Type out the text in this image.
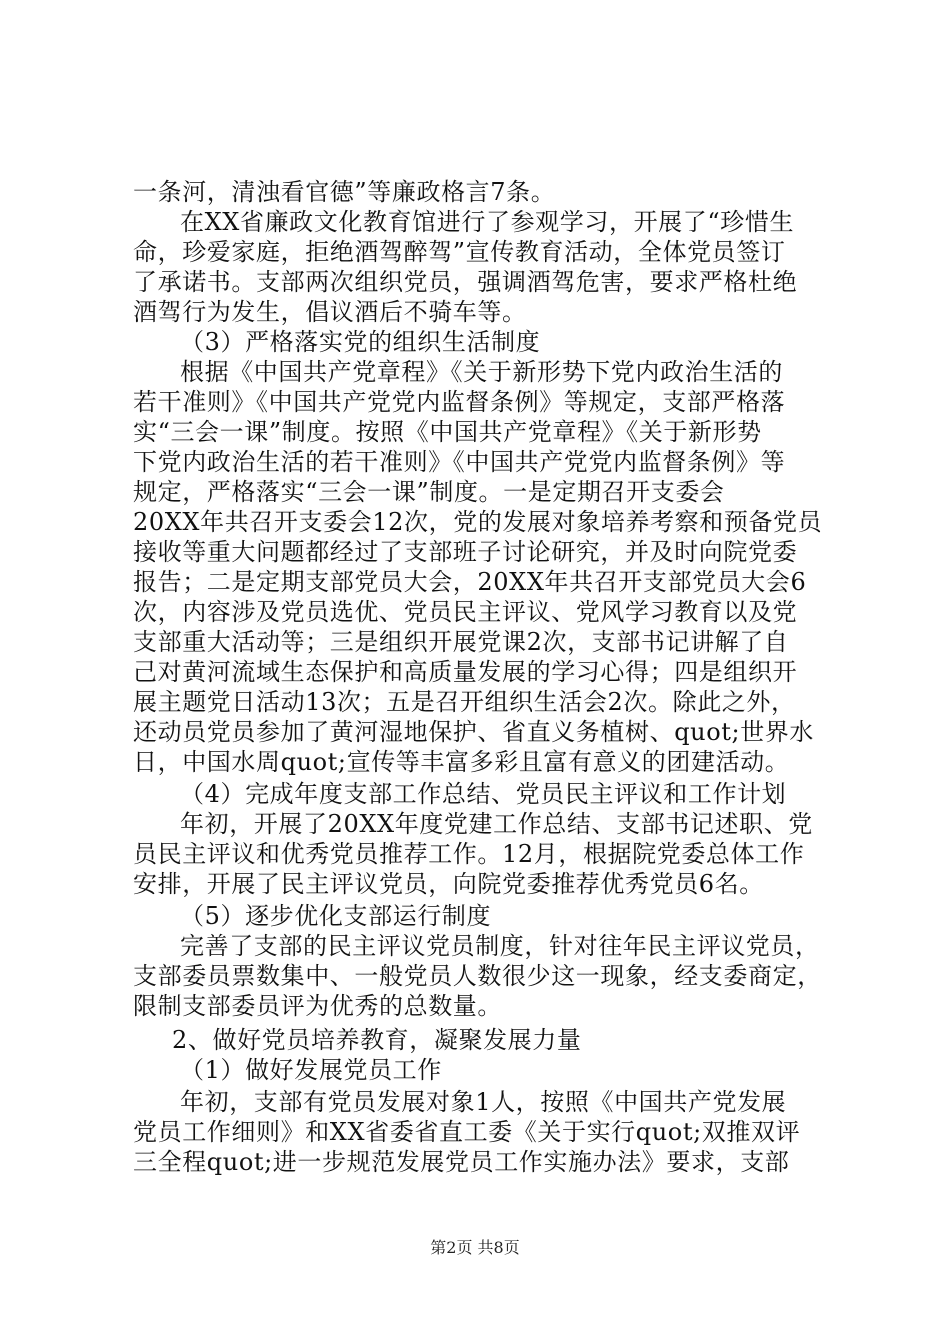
一条河，清浊看官德”等廉政格言7条。

在XX省廉政文化教育馆进行了参观学习，开展了“珍惜生

命，珍爱家庭，拒绝酒驾醉驾”宣传教育活动，全体党员签订

了承诺书。支部两次组织党员，强调酒驾危害，要求严格杜绝

酒驾行为发生，倡议酒后不骑车等。

（3）严格落实党的组织生活制度

根据《中国共产党章程》《关于新形势下党内政治生活的

若干准则》《中国共产党党内监督条例》等规定，支部严格落

实“三会一课”制度。按照《中国共产党章程》《关于新形势

下党内政治生活的若干准则》《中国共产党党内监督条例》等

规定，严格落实“三会一课”制度。一是定期召开支委会

20XX年共召开支委会12次，党的发展对象培养考察和预备党员

接收等重大问题都经过了支部班子讨论研究，并及时向院党委

报告；二是定期支部党员大会，20XX年共召开支部党员大会6

次，内容涉及党员选优、党员民主评议、党风学习教育以及党

支部重大活动等；三是组织开展党课2次，支部书记讲解了自

己对黄河流域生态保护和高质量发展的学习心得；四是组织开

展主题党日活动13次；五是召开组织生活会2次。除此之外，

还动员党员参加了黄河湿地保护、省直义务植树、quot;世界水

日，中国水周quot;宣传等丰富多彩且富有意义的团建活动。

（4）完成年度支部工作总结、党员民主评议和工作计划

年初，开展了20XX年度党建工作总结、支部书记述职、党

员民主评议和优秀党员推荐工作。12月，根据院党委总体工作

安排，开展了民主评议党员，向院党委推荐优秀党员6名。

（5）逐步优化支部运行制度

完善了支部的民主评议党员制度，针对往年民主评议党员，

支部委员票数集中、一般党员人数很少这一现象，经支委商定，

限制支部委员评为优秀的总数量。

2、做好党员培养教育，凝聚发展力量

（1）做好发展党员工作

年初，支部有党员发展对象1人，按照《中国共产党发展

党员工作细则》和XX省委省直工委《关于实行quot;双推双评

三全程quot;进一步规范发展党员工作实施办法》要求，支部

第2页 共8页
